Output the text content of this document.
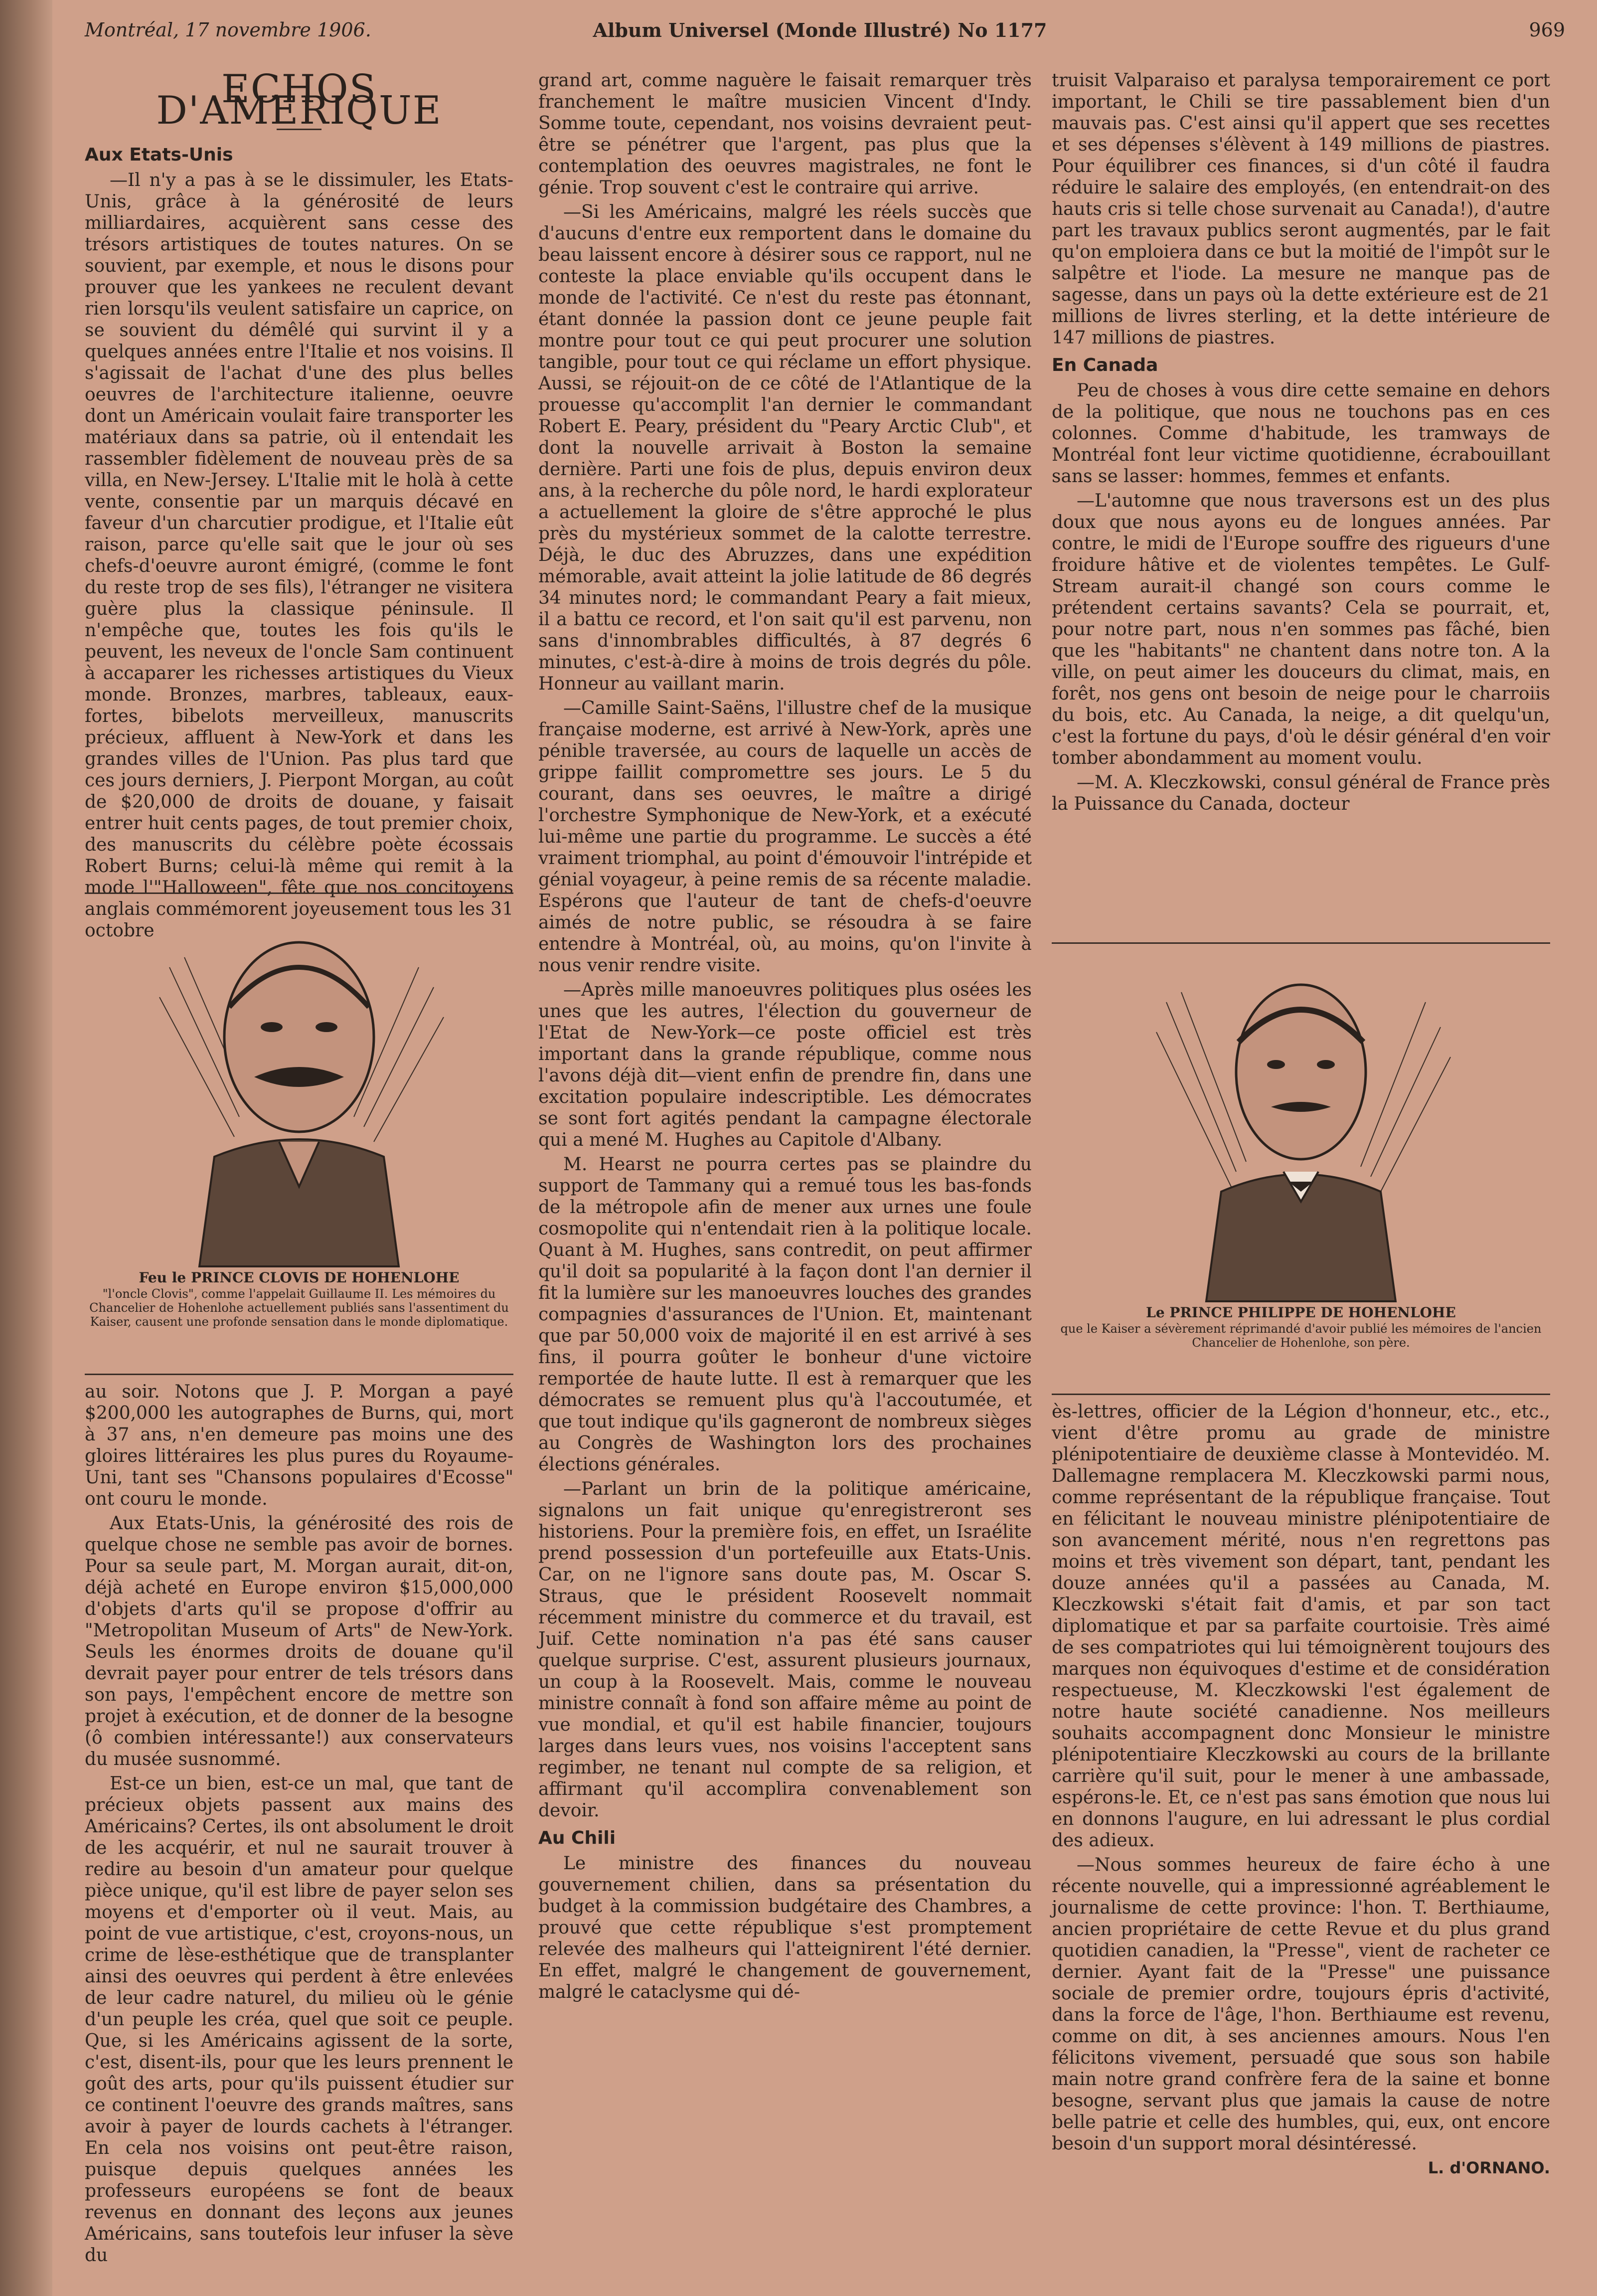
Montréal, 17 novembre 1906.	Album Universel (Monde Illustré) No 1177	969
ECHOS D'AMERIQUE
Aux Etats-Unis

—Il n'y a pas à se le dissimuler, les Etats-Unis, grâce à la générosité de leurs milliardaires, acquièrent sans cesse des trésors artistiques de toutes natures. On se souvient, par exemple, et nous le disons pour prouver que les yankees ne reculent devant rien lorsqu'ils veulent satisfaire un caprice, on se souvient du démêlé qui survint il y a quelques années entre l'Italie et nos voisins. Il s'agissait de l'achat d'une des plus belles oeuvres de l'architecture italienne, oeuvre dont un Américain voulait faire transporter les matériaux dans sa patrie, où il entendait les rassembler fidèlement de nouveau près de sa villa, en New-Jersey. L'Italie mit le holà à cette vente, consentie par un marquis décavé en faveur d'un charcutier prodigue, et l'Italie eût raison, parce qu'elle sait que le jour où ses chefs-d'oeuvre auront émigré, (comme le font du reste trop de ses fils), l'étranger ne visitera guère plus la classique péninsule. Il n'empêche que, toutes les fois qu'ils le peuvent, les neveux de l'oncle Sam continuent à accaparer les richesses artistiques du Vieux monde. Bronzes, marbres, tableaux, eaux-fortes, bibelots merveilleux, manuscrits précieux, affluent à New-York et dans les grandes villes de l'Union. Pas plus tard que ces jours derniers, J. Pierpont Morgan, au coût de $20,000 de droits de douane, y faisait entrer huit cents pages, de tout premier choix, des manuscrits du célèbre poète écossais Robert Burns; celui-là même qui remit à la mode l'"Halloween", fête que nos concitoyens anglais commémorent joyeusement tous les 31 octobre

Feu le PRINCE CLOVIS DE HOHENLOHE
"l'oncle Clovis", comme l'appelait Guillaume II. Les mémoires du Chancelier de Hohenlohe actuellement publiés sans l'assentiment du Kaiser, causent une profonde sensation dans le monde diplomatique.

au soir. Notons que J. P. Morgan a payé $200,000 les autographes de Burns, qui, mort à 37 ans, n'en demeure pas moins une des gloires littéraires les plus pures du Royaume-Uni, tant ses "Chansons populaires d'Ecosse" ont couru le monde.

Aux Etats-Unis, la générosité des rois de quelque chose ne semble pas avoir de bornes. Pour sa seule part, M. Morgan aurait, dit-on, déjà acheté en Europe environ $15,000,000 d'objets d'arts qu'il se propose d'offrir au "Metropolitan Museum of Arts" de New-York. Seuls les énormes droits de douane qu'il devrait payer pour entrer de tels trésors dans son pays, l'empêchent encore de mettre son projet à exécution, et de donner de la besogne (ô combien intéressante!) aux conservateurs du musée susnommé.

Est-ce un bien, est-ce un mal, que tant de précieux objets passent aux mains des Américains? Certes, ils ont absolument le droit de les acquérir, et nul ne saurait trouver à redire au besoin d'un amateur pour quelque pièce unique, qu'il est libre de payer selon ses moyens et d'emporter où il veut. Mais, au point de vue artistique, c'est, croyons-nous, un crime de lèse-esthétique que de transplanter ainsi des oeuvres qui perdent à être enlevées de leur cadre naturel, du milieu où le génie d'un peuple les créa, quel que soit ce peuple. Que, si les Américains agissent de la sorte, c'est, disent-ils, pour que les leurs prennent le goût des arts, pour qu'ils puissent étudier sur ce continent l'oeuvre des grands maîtres, sans avoir à payer de lourds cachets à l'étranger. En cela nos voisins ont peut-être raison, puisque depuis quelques années les professeurs européens se font de beaux revenus en donnant des leçons aux jeunes Américains, sans toutefois leur infuser la sève du

grand art, comme naguère le faisait remarquer très franchement le maître musicien Vincent d'Indy. Somme toute, cependant, nos voisins devraient peut-être se pénétrer que l'argent, pas plus que la contemplation des oeuvres magistrales, ne font le génie. Trop souvent c'est le contraire qui arrive.

—Si les Américains, malgré les réels succès que d'aucuns d'entre eux remportent dans le domaine du beau laissent encore à désirer sous ce rapport, nul ne conteste la place enviable qu'ils occupent dans le monde de l'activité. Ce n'est du reste pas étonnant, étant donnée la passion dont ce jeune peuple fait montre pour tout ce qui peut procurer une solution tangible, pour tout ce qui réclame un effort physique. Aussi, se réjouit-on de ce côté de l'Atlantique de la prouesse qu'accomplit l'an dernier le commandant Robert E. Peary, président du "Peary Arctic Club", et dont la nouvelle arrivait à Boston la semaine dernière. Parti une fois de plus, depuis environ deux ans, à la recherche du pôle nord, le hardi explorateur a actuellement la gloire de s'être approché le plus près du mystérieux sommet de la calotte terrestre. Déjà, le duc des Abruzzes, dans une expédition mémorable, avait atteint la jolie latitude de 86 degrés 34 minutes nord; le commandant Peary a fait mieux, il a battu ce record, et l'on sait qu'il est parvenu, non sans d'innombrables difficultés, à 87 degrés 6 minutes, c'est-à-dire à moins de trois degrés du pôle. Honneur au vaillant marin.

—Camille Saint-Saëns, l'illustre chef de la musique française moderne, est arrivé à New-York, après une pénible traversée, au cours de laquelle un accès de grippe faillit compromettre ses jours. Le 5 du courant, dans ses oeuvres, le maître a dirigé l'orchestre Symphonique de New-York, et a exécuté lui-même une partie du programme. Le succès a été vraiment triomphal, au point d'émouvoir l'intrépide et génial voyageur, à peine remis de sa récente maladie. Espérons que l'auteur de tant de chefs-d'oeuvre aimés de notre public, se résoudra à se faire entendre à Montréal, où, au moins, qu'on l'invite à nous venir rendre visite.

—Après mille manoeuvres politiques plus osées les unes que les autres, l'élection du gouverneur de l'Etat de New-York—ce poste officiel est très important dans la grande république, comme nous l'avons déjà dit—vient enfin de prendre fin, dans une excitation populaire indescriptible. Les démocrates se sont fort agités pendant la campagne électorale qui a mené M. Hughes au Capitole d'Albany.

M. Hearst ne pourra certes pas se plaindre du support de Tammany qui a remué tous les bas-fonds de la métropole afin de mener aux urnes une foule cosmopolite qui n'entendait rien à la politique locale. Quant à M. Hughes, sans contredit, on peut affirmer qu'il doit sa popularité à la façon dont l'an dernier il fit la lumière sur les manoeuvres louches des grandes compagnies d'assurances de l'Union. Et, maintenant que par 50,000 voix de majorité il en est arrivé à ses fins, il pourra goûter le bonheur d'une victoire remportée de haute lutte. Il est à remarquer que les démocrates se remuent plus qu'à l'accoutumée, et que tout indique qu'ils gagneront de nombreux sièges au Congrès de Washington lors des prochaines élections générales.

—Parlant un brin de la politique américaine, signalons un fait unique qu'enregistreront ses historiens. Pour la première fois, en effet, un Israélite prend possession d'un portefeuille aux Etats-Unis. Car, on ne l'ignore sans doute pas, M. Oscar S. Straus, que le président Roosevelt nommait récemment ministre du commerce et du travail, est Juif. Cette nomination n'a pas été sans causer quelque surprise. C'est, assurent plusieurs journaux, un coup à la Roosevelt. Mais, comme le nouveau ministre connaît à fond son affaire même au point de vue mondial, et qu'il est habile financier, toujours larges dans leurs vues, nos voisins l'acceptent sans regimber, ne tenant nul compte de sa religion, et affirmant qu'il accomplira convenablement son devoir.

Au Chili

Le ministre des finances du nouveau gouvernement chilien, dans sa présentation du budget à la commission budgétaire des Chambres, a prouvé que cette république s'est promptement relevée des malheurs qui l'atteignirent l'été dernier. En effet, malgré le changement de gouvernement, malgré le cataclysme qui dé-

truisit Valparaiso et paralysa temporairement ce port important, le Chili se tire passablement bien d'un mauvais pas. C'est ainsi qu'il appert que ses recettes et ses dépenses s'élèvent à 149 millions de piastres. Pour équilibrer ces finances, si d'un côté il faudra réduire le salaire des employés, (en entendrait-on des hauts cris si telle chose survenait au Canada!), d'autre part les travaux publics seront augmentés, par le fait qu'on emploiera dans ce but la moitié de l'impôt sur le salpêtre et l'iode. La mesure ne manque pas de sagesse, dans un pays où la dette extérieure est de 21 millions de livres sterling, et la dette intérieure de 147 millions de piastres.

En Canada

Peu de choses à vous dire cette semaine en dehors de la politique, que nous ne touchons pas en ces colonnes. Comme d'habitude, les tramways de Montréal font leur victime quotidienne, écrabouillant sans se lasser: hommes, femmes et enfants.

—L'automne que nous traversons est un des plus doux que nous ayons eu de longues années. Par contre, le midi de l'Europe souffre des rigueurs d'une froidure hâtive et de violentes tempêtes. Le Gulf-Stream aurait-il changé son cours comme le prétendent certains savants? Cela se pourrait, et, pour notre part, nous n'en sommes pas fâché, bien que les "habitants" ne chantent dans notre ton. A la ville, on peut aimer les douceurs du climat, mais, en forêt, nos gens ont besoin de neige pour le charroiis du bois, etc. Au Canada, la neige, a dit quelqu'un, c'est la fortune du pays, d'où le désir général d'en voir tomber abondamment au moment voulu.

—M. A. Kleczkowski, consul général de France près la Puissance du Canada, docteur

Le PRINCE PHILIPPE DE HOHENLOHE
que le Kaiser a sévèrement réprimandé d'avoir publié les mémoires de l'ancien Chancelier de Hohenlohe, son père.

ès-lettres, officier de la Légion d'honneur, etc., etc., vient d'être promu au grade de ministre plénipotentiaire de deuxième classe à Montevidéo. M. Dallemagne remplacera M. Kleczkowski parmi nous, comme représentant de la république française. Tout en félicitant le nouveau ministre plénipotentiaire de son avancement mérité, nous n'en regrettons pas moins et très vivement son départ, tant, pendant les douze années qu'il a passées au Canada, M. Kleczkowski s'était fait d'amis, et par son tact diplomatique et par sa parfaite courtoisie. Très aimé de ses compatriotes qui lui témoignèrent toujours des marques non équivoques d'estime et de considération respectueuse, M. Kleczkowski l'est également de notre haute société canadienne. Nos meilleurs souhaits accompagnent donc Monsieur le ministre plénipotentiaire Kleczkowski au cours de la brillante carrière qu'il suit, pour le mener à une ambassade, espérons-le. Et, ce n'est pas sans émotion que nous lui en donnons l'augure, en lui adressant le plus cordial des adieux.

—Nous sommes heureux de faire écho à une récente nouvelle, qui a impressionné agréablement le journalisme de cette province: l'hon. T. Berthiaume, ancien propriétaire de cette Revue et du plus grand quotidien canadien, la "Presse", vient de racheter ce dernier. Ayant fait de la "Presse" une puissance sociale de premier ordre, toujours épris d'activité, dans la force de l'âge, l'hon. Berthiaume est revenu, comme on dit, à ses anciennes amours. Nous l'en félicitons vivement, persuadé que sous son habile main notre grand confrère fera de la saine et bonne besogne, servant plus que jamais la cause de notre belle patrie et celle des humbles, qui, eux, ont encore besoin d'un support moral désintéressé.

L. d'ORNANO.
